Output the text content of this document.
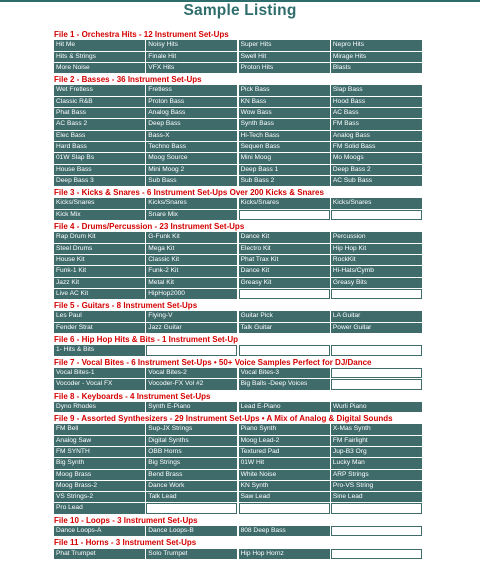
Sample Listing
File 1 - Orchestra Hits - 12 Instrument Set-Ups
Hit Me	Noisy Hits	Super Hits	Nepro Hits
Hits & Strings	Finale Hit	Swell Hit	Mirage Hits
More Noise	VFX Hits	Proton Hits	Blasts
File 2 - Basses - 36 Instrument Set-Ups
Wet Fretless	Fretless	Pick Bass	Slap Bass
Classic R&B	Proton Bass	KN Bass	Hood Bass
Phat Bass	Analog Bass	Wow Bass	AC Bass
AC Bass 2	Deep Bass	Synth Bass	FM Bass
Elec Bass	Bass-X	Hi-Tech Bass	Analog Bass
Hard Bass	Techno Bass	Sequen Bass	FM Solid Bass
01W Slap Bs	Moog Source	Mini Moog	Mo Moogs
House Bass	Mini Moog 2	Deep Bass 1	Deep Bass 2
Deep Bass 3	Sub Bass	Sub Bass 2	AC Sub Bass
File 3 - Kicks & Snares - 6 Instrument Set-Ups Over 200 Kicks & Snares
Kicks/Snares	Kicks/Snares	Kicks/Snares	Kicks/Snares
Kick Mix	Snare Mix
File 4 - Drums/Percussion - 23 Instrument Set-Ups
Rap Drum Kit	G-Funk Kit	Dance Kit	Percussion
Steel Drums	Mega Kit	Electro Kit	Hip Hop Kit
House Kit	Classic Kit	Phat Trax Kit	RockKit
Funk-1 Kit	Funk-2 Kit	Dance Kit	Hi-Hats/Cymb
Jazz Kit	Metal Kit	Greasy Kit	Greasy Bits
Live AC Kit	HipHop2000
File 5 - Guitars - 8 Instrument Set-Ups
Les Paul	Flying-V	Guitar Pick	LA Guitar
Fender Strat	Jazz Guitar	Talk Guitar	Power Guitar
File 6 - Hip Hop Hits & Bits - 1 Instrument Set-Up
1- Hits & Bits
File 7 - Vocal Bites - 6 Instrument Set-Ups • 50+ Voice Samples Perfect for DJ/Dance
Vocal Bites-1	Vocal Bites-2	Vocal Bites-3
Vocoder - Vocal FX	Vocoder-FX Vol #2	Big Balls -Deep Voices
File 8 - Keyboards - 4 Instrument Set-Ups
Dyno Rhodes	Synth E-Piano	Lead E-Piano	Wurli Piano
File 9 - Assorted Synthesizers - 29 Instrument Set-Ups • A Mix of Analog & Digital Sounds
FM Bell	Sup-JX Strings	Piano Synth	X-Mas Synth
Analog Saw	Digital Synths	Moog Lead-2	FM Fairlight
FM SYNTH	OBB Horns	Textured Pad	Jup-B3 Org
Big Synth	Big Strings	01W Hit	Lucky Man
Moog Brass	Bend Brass	White Noise	ARP Strings
Moog Brass-2	Dance Work	KN Synth	Pro-VS String
VS Strings-2	Talk Lead	Saw Lead	Sine Lead
Pro Lead
File 10 - Loops - 3 Instrument Set-Ups
Dance Loops-A	Dance Loops-B	808 Deep Bass
File 11 - Horns - 3 Instrument Set-Ups
Phat Trumpet	Solo Trumpet	Hip Hop Hornz
